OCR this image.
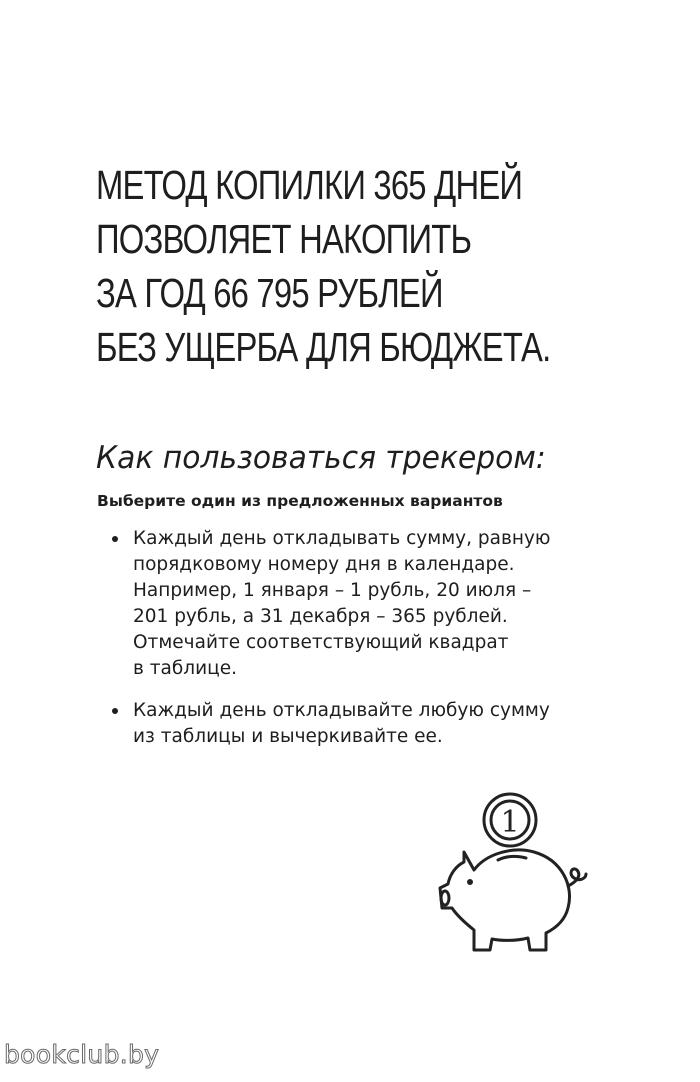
МЕТОД КОПИЛКИ 365 ДНЕЙ
ПОЗВОЛЯЕТ НАКОПИТЬ
ЗА ГОД 66 795 РУБЛЕЙ
БЕЗ УЩЕРБА ДЛЯ БЮДЖЕТА.
Как пользоваться трекером:

Выберите один из предложенных вариантов

Каждый день откладывать сумму, равную
порядковому номеру дня в календаре.
Например, 1 января – 1 рубль, 20 июля –
201 рубль, а 31 декабря – 365 рублей.
Отмечайте соответствующий квадрат
в таблице.
Каждый день откладывайте любую сумму
из таблицы и вычеркивайте ее.
1

bookclub.by
